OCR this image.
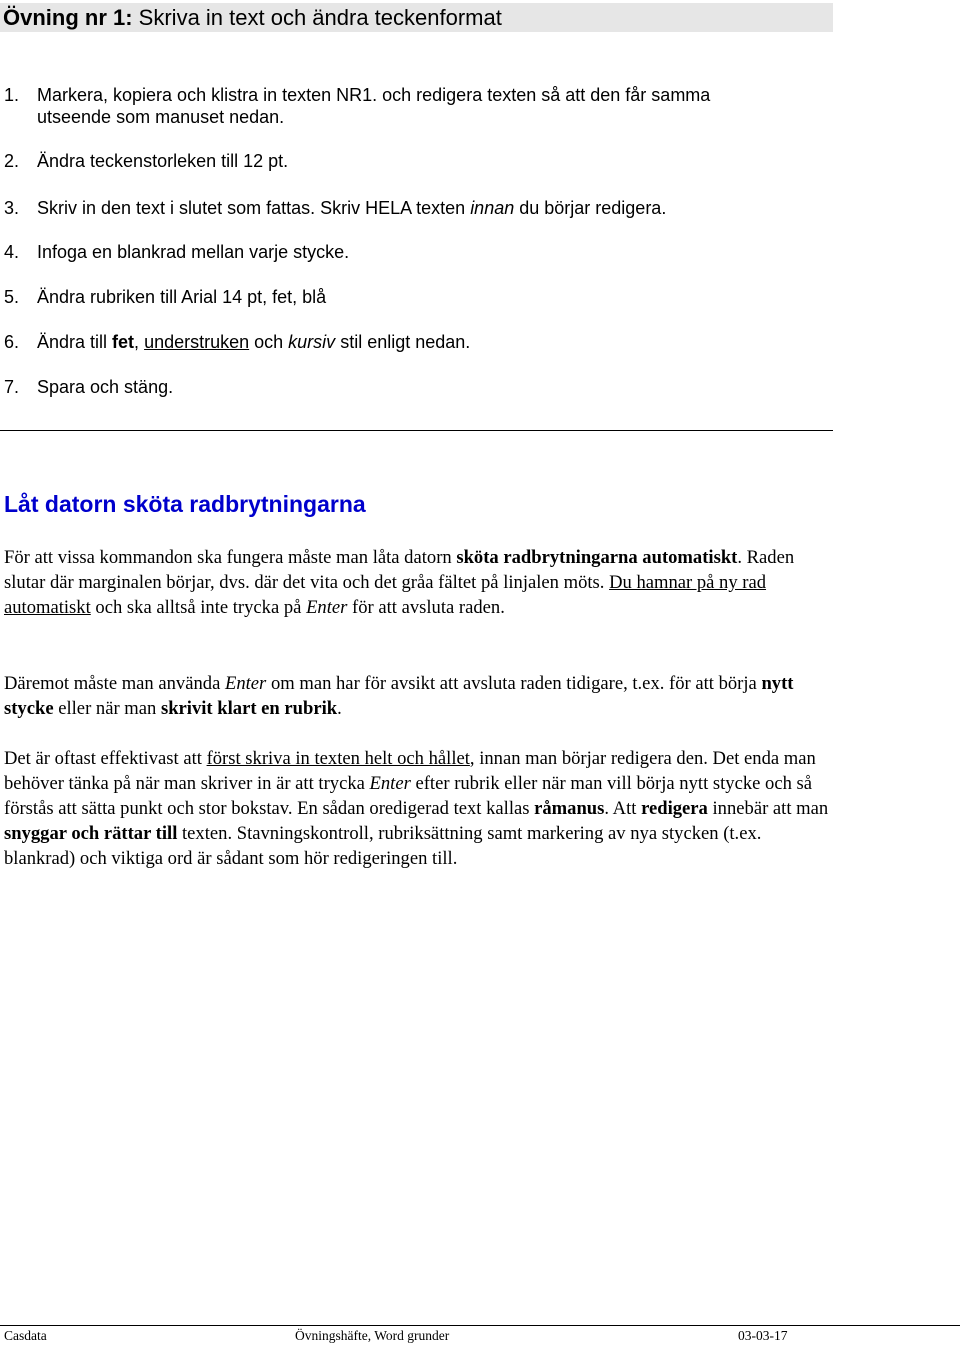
Övning nr 1: Skriva in text och ändra teckenformat
1. Markera, kopiera och klistra in texten NR1. och redigera texten så att den får samma
utseende som manuset nedan.
2. Ändra teckenstorleken till 12 pt.
3. Skriv in den text i slutet som fattas. Skriv HELA texten innan du börjar redigera.
4. Infoga en blankrad mellan varje stycke.
5. Ändra rubriken till Arial 14 pt, fet, blå
6. Ändra till fet, understruken och kursiv stil enligt nedan.
7. Spara och stäng.
Låt datorn sköta radbrytningarna
För att vissa kommandon ska fungera måste man låta datorn sköta radbrytningarna automatiskt. Raden slutar där marginalen börjar, dvs. där det vita och det gråa fältet på linjalen möts. Du hamnar på ny rad automatiskt och ska alltså inte trycka på Enter för att avsluta raden.
Däremot måste man använda Enter om man har för avsikt att avsluta raden tidigare, t.ex. för att börja nytt stycke eller när man skrivit klart en rubrik.
Det är oftast effektivast att först skriva in texten helt och hållet, innan man börjar redigera den. Det enda man behöver tänka på när man skriver in är att trycka Enter efter rubrik eller när man vill börja nytt stycke och så förstås att sätta punkt och stor bokstav. En sådan oredigerad text kallas råmanus. Att redigera innebär att man snyggar och rättar till texten. Stavningskontroll, rubriksättning samt markering av nya stycken (t.ex. blankrad) och viktiga ord är sådant som hör redigeringen till.
Casdata	Övningshäfte, Word grunder	03-03-17
